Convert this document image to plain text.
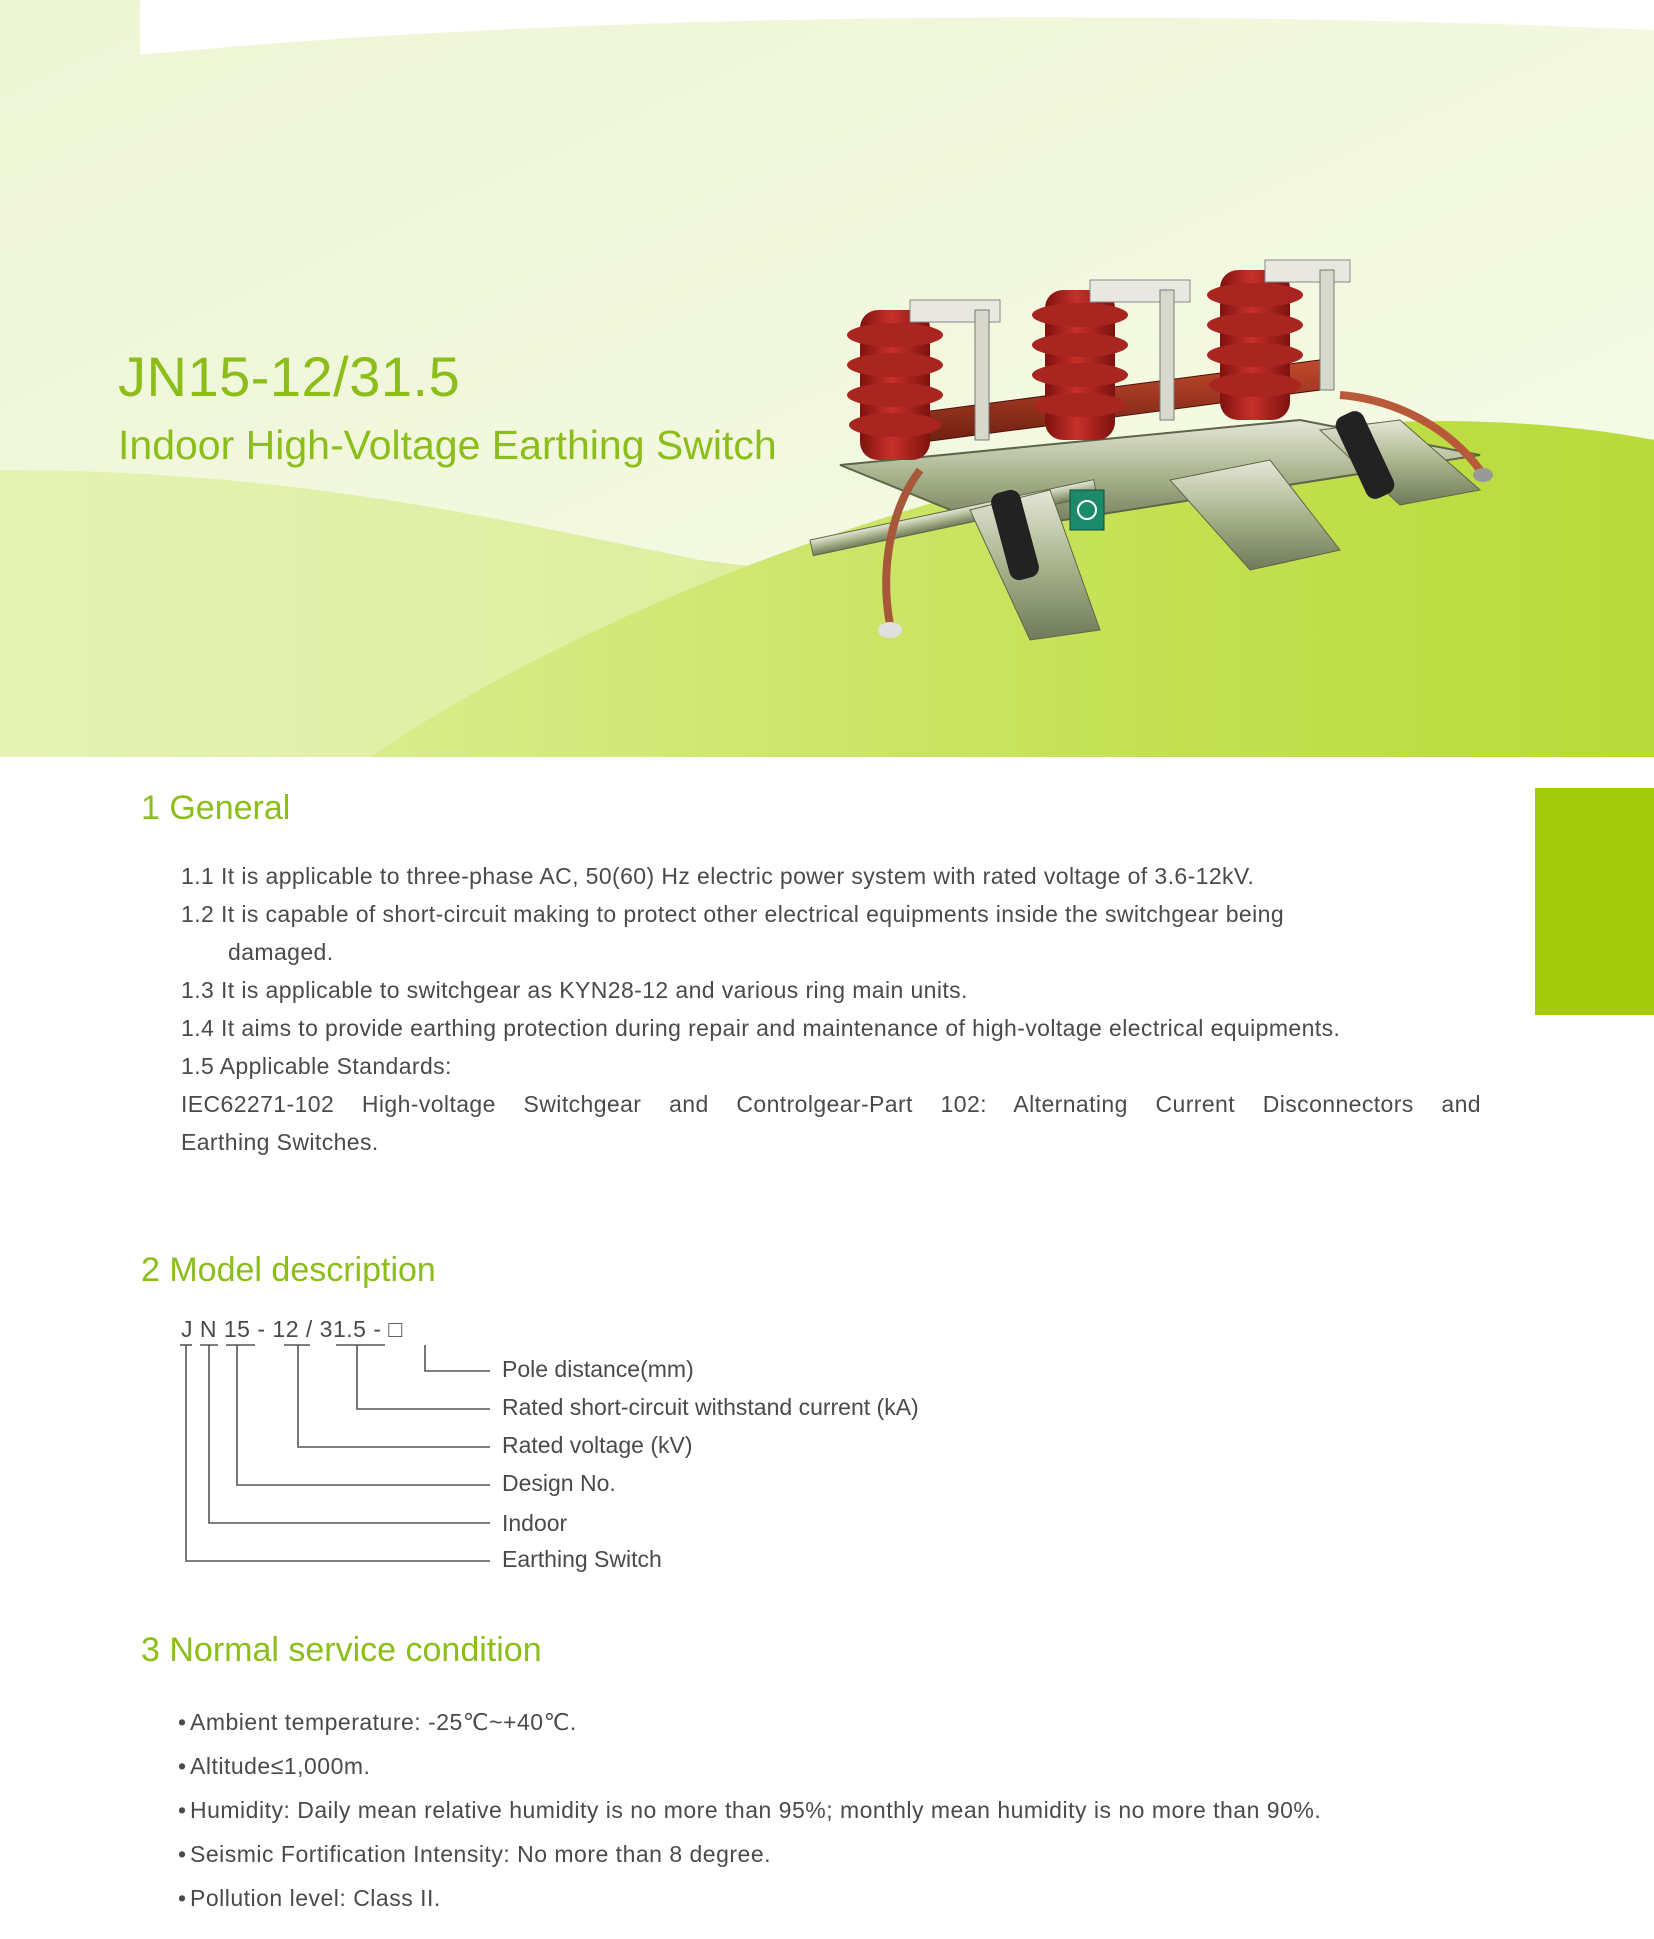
JN15-12/31.5
Indoor High-Voltage Earthing Switch
1 General
1.1 It is applicable to three-phase AC, 50(60) Hz electric power system with rated voltage of 3.6-12kV.
1.2 It is capable of short-circuit making to protect other electrical equipments inside the switchgear being
damaged.
1.3 It is applicable to switchgear as KYN28-12 and various ring main units.
1.4 It aims to provide earthing protection during repair and maintenance of high-voltage electrical equipments.
1.5 Applicable Standards:
IEC62271-102 High-voltage Switchgear and Controlgear-Part 102: Alternating Current Disconnectors and
Earthing Switches.
2 Model description
J N 15 - 12 / 31.5 - □
Pole distance(mm)
Rated short-circuit withstand current (kA)
Rated voltage (kV)
Design No.
Indoor
Earthing Switch
3 Normal service condition
• Ambient temperature: -25℃~+40℃.
• Altitude≤1,000m.
• Humidity: Daily mean relative humidity is no more than 95%; monthly mean humidity is no more than 90%.
• Seismic Fortification Intensity: No more than 8 degree.
• Pollution level: Class II.
